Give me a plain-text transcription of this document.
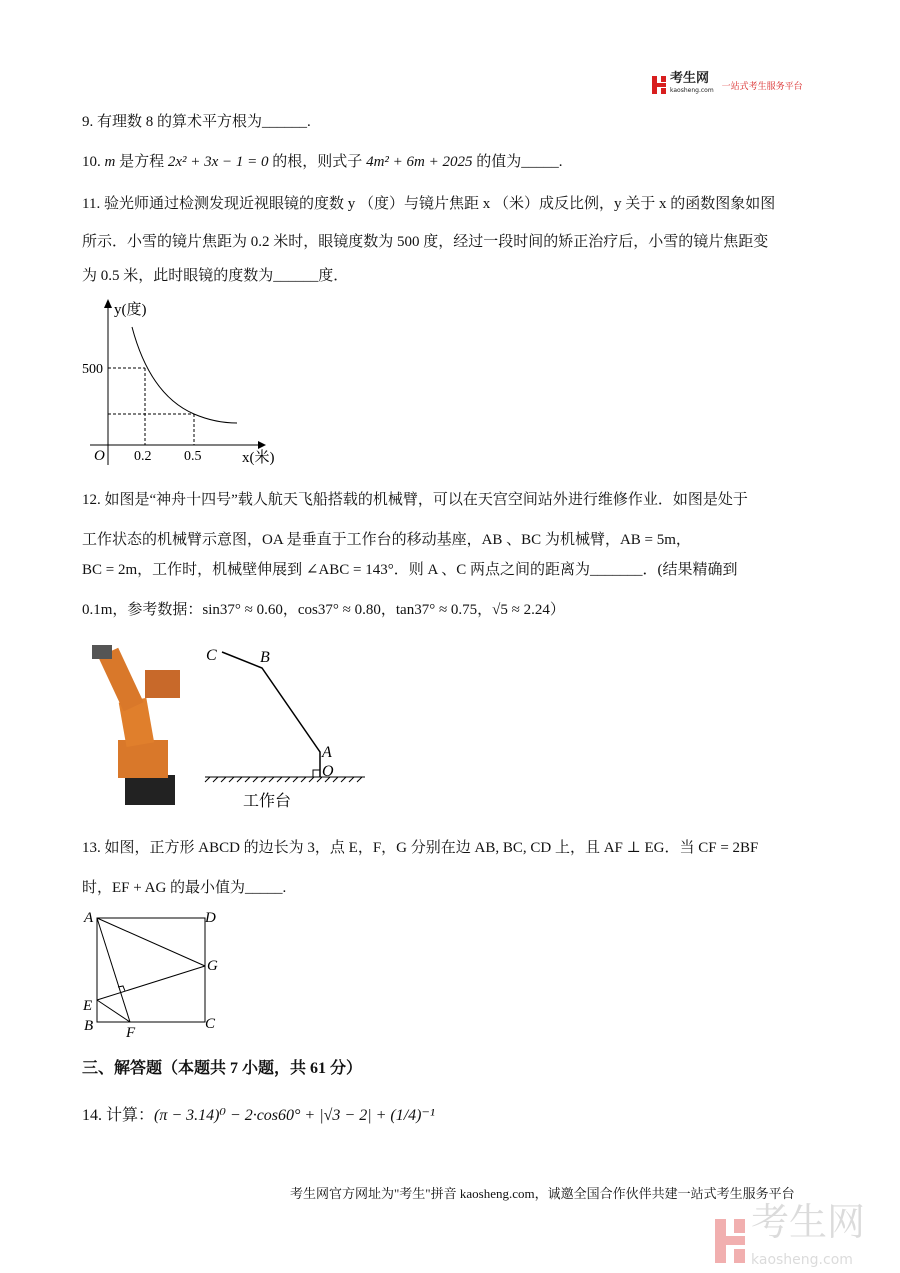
考生网
kaosheng.com 一站式考生服务平台
9. 有理数 8 的算术平方根为______.
10. m 是方程 2x² + 3x − 1 = 0 的根，则式子 4m² + 6m + 2025 的值为_____.
11. 验光师通过检测发现近视眼镜的度数 y （度）与镜片焦距 x （米）成反比例，y 关于 x 的函数图象如图
所示．小雪的镜片焦距为 0.2 米时，眼镜度数为 500 度，经过一段时间的矫正治疗后，小雪的镜片焦距变
为 0.5 米，此时眼镜的度数为______度．
y(度)
500
O 0.2 0.5	x(米)
C	B
A
O
工作台
A	D
G
E
B F
C
12. 如图是“神舟十四号”载人航天飞船搭载的机械臂，可以在天宫空间站外进行维修作业．如图是处于
工作状态的机械臂示意图，OA 是垂直于工作台的移动基座，AB 、BC 为机械臂，AB = 5m，
BC = 2m，工作时，机械壁伸展到 ∠ABC = 143°．则 A 、C 两点之间的距离为_______．(结果精确到
0.1m，参考数据：sin37° ≈ 0.60，cos37° ≈ 0.80，tan37° ≈ 0.75，√5 ≈ 2.24）
13. 如图，正方形 ABCD 的边长为 3，点 E，F，G 分别在边 AB, BC, CD 上，且 AF ⊥ EG．当 CF = 2BF
时，EF + AG 的最小值为_____.
三、解答题（本题共 7 小题，共 61 分）
14. 计算：(π − 3.14)⁰ − 2·cos60° + |√3 − 2| + (1/4)⁻¹
考生网官方网址为"考生"拼音 kaosheng.com，诚邀全国合作伙伴共建一站式考生服务平台
考生网
kaosheng.com
